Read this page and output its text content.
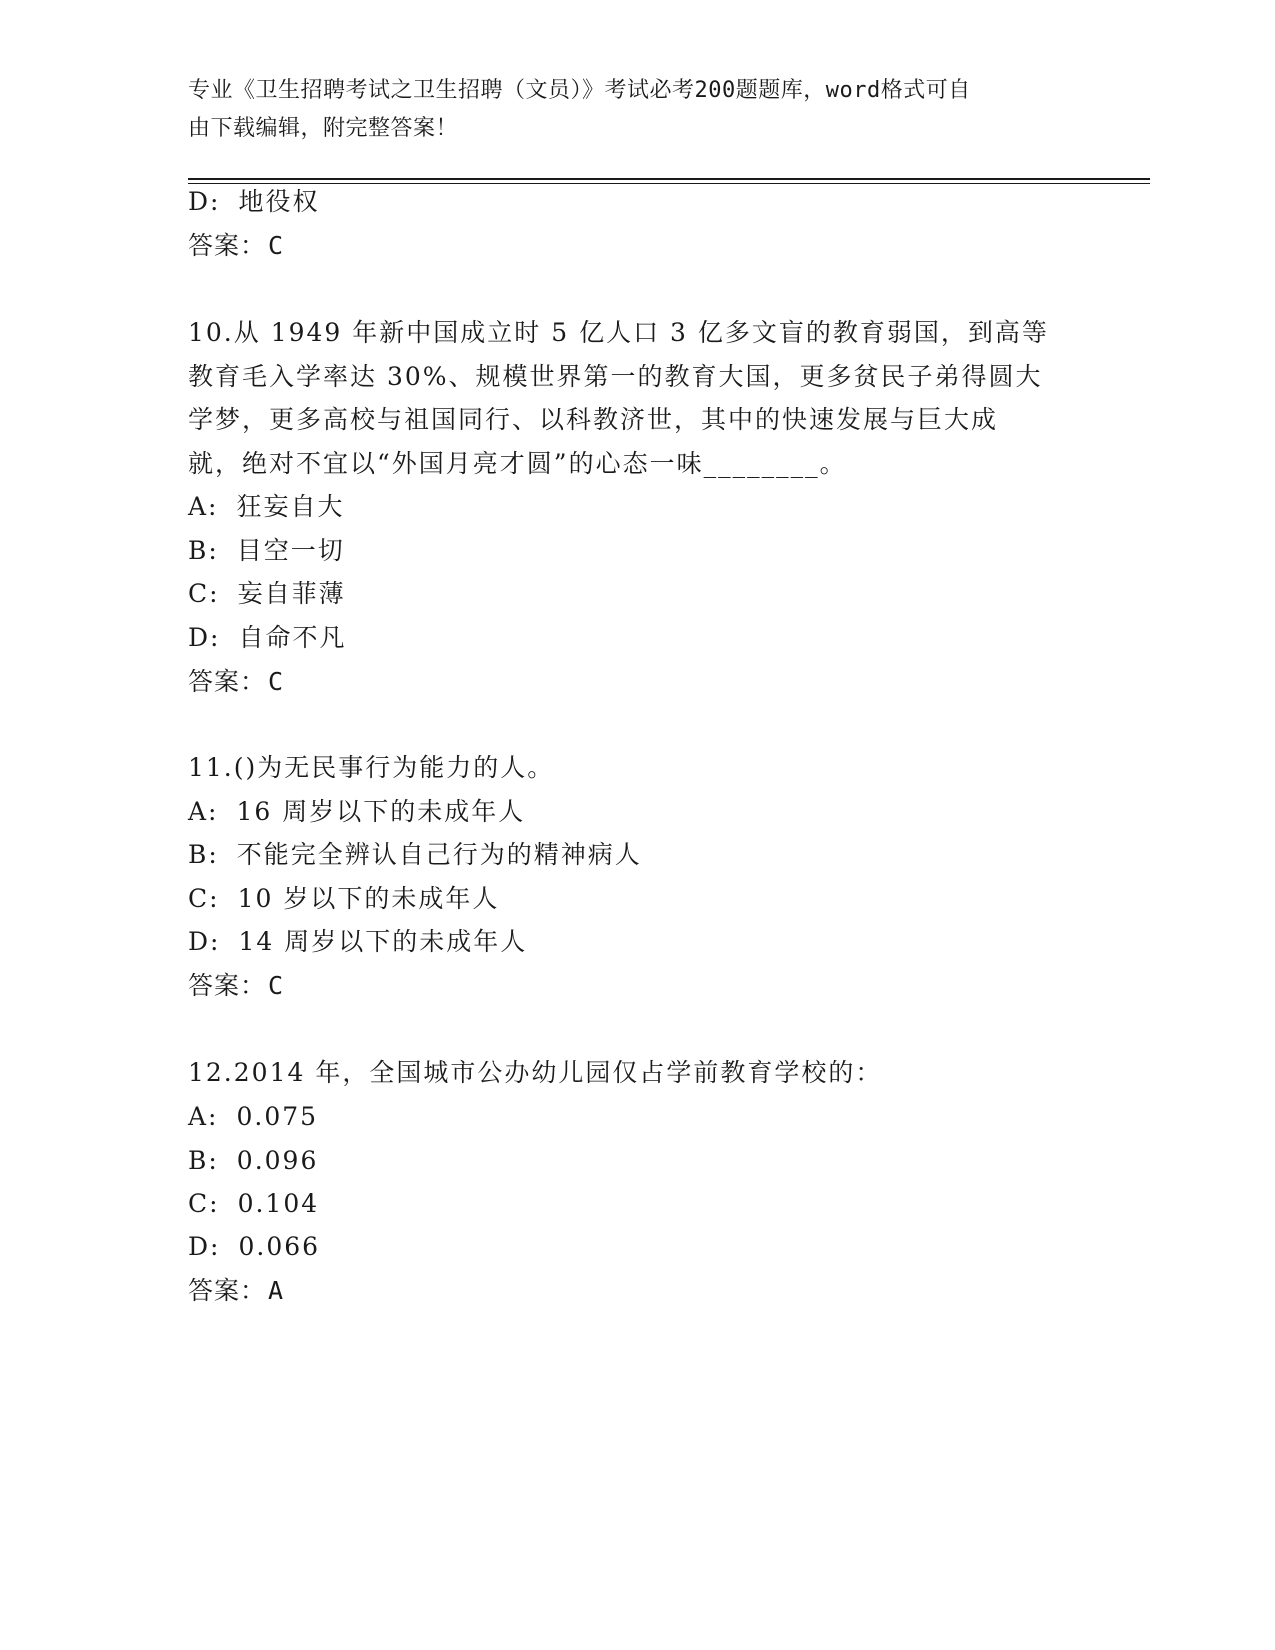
专业《卫生招聘考试之卫生招聘（文员）》考试必考200题题库，word格式可自
由下载编辑，附完整答案！
D: 地役权
答案：C
10.从 1949 年新中国成立时 5 亿人口 3 亿多文盲的教育弱国，到高等
教育毛入学率达 30%、规模世界第一的教育大国，更多贫民子弟得圆大
学梦，更多高校与祖国同行、以科教济世，其中的快速发展与巨大成
就，绝对不宜以“外国月亮才圆”的心态一味________。
A: 狂妄自大
B: 目空一切
C: 妄自菲薄
D: 自命不凡
答案：C
11.()为无民事行为能力的人。
A: 16 周岁以下的未成年人
B: 不能完全辨认自己行为的精神病人
C: 10 岁以下的未成年人
D: 14 周岁以下的未成年人
答案：C
12.2014 年，全国城市公办幼儿园仅占学前教育学校的：
A: 0.075
B: 0.096
C: 0.104
D: 0.066
答案：A
